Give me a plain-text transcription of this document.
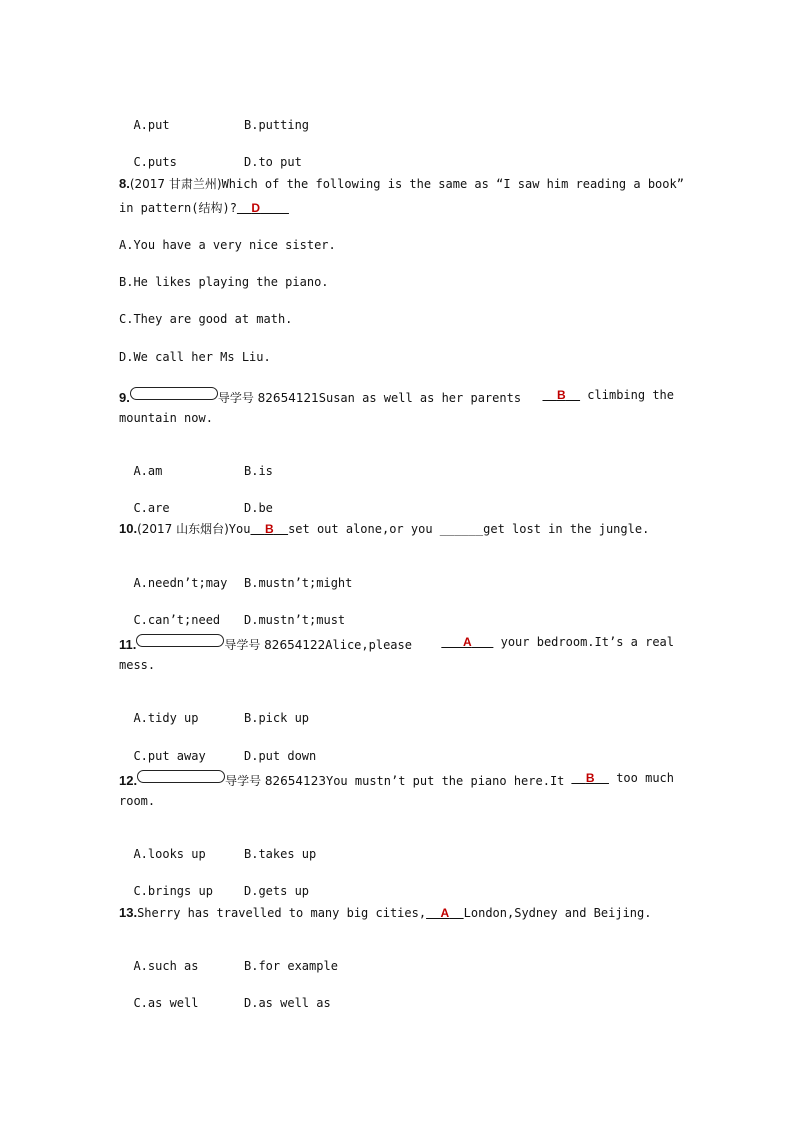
A.put	B.putting

C.puts	D.to put

8.(2017 甘肃兰州)Which of the following is the same as “I saw him reading a book”
in pattern(结构)?   D    
A.You have a very nice sister.
B.He likes playing the piano.
C.They are good at math.
D.We call her Ms Liu.
9.	导学号 82654121Susan as well as her parents
  	B   climbing the
mountain now.

A.am	B.is

C.are	D.be

10.(2017 山东烟台)You   B   set out alone,or you ______get lost in the jungle.

A.needn’t;may B.mustn’t;might

C.can’t;need D.mustn’t;must

11.	导学号 82654122Alice,please
   	A    your bedroom.It’s a real
mess.

A.tidy up	B.pick up

C.put away	D.put down

12.	导学号 82654123You mustn’t put the piano here.It
  	B   too much
room.

A.looks up	B.takes up

C.brings up	D.gets up

13.Sherry has travelled to many big cities,   A   London,Sydney and Beijing.

A.such as	B.for example

C.as well	D.as well as
